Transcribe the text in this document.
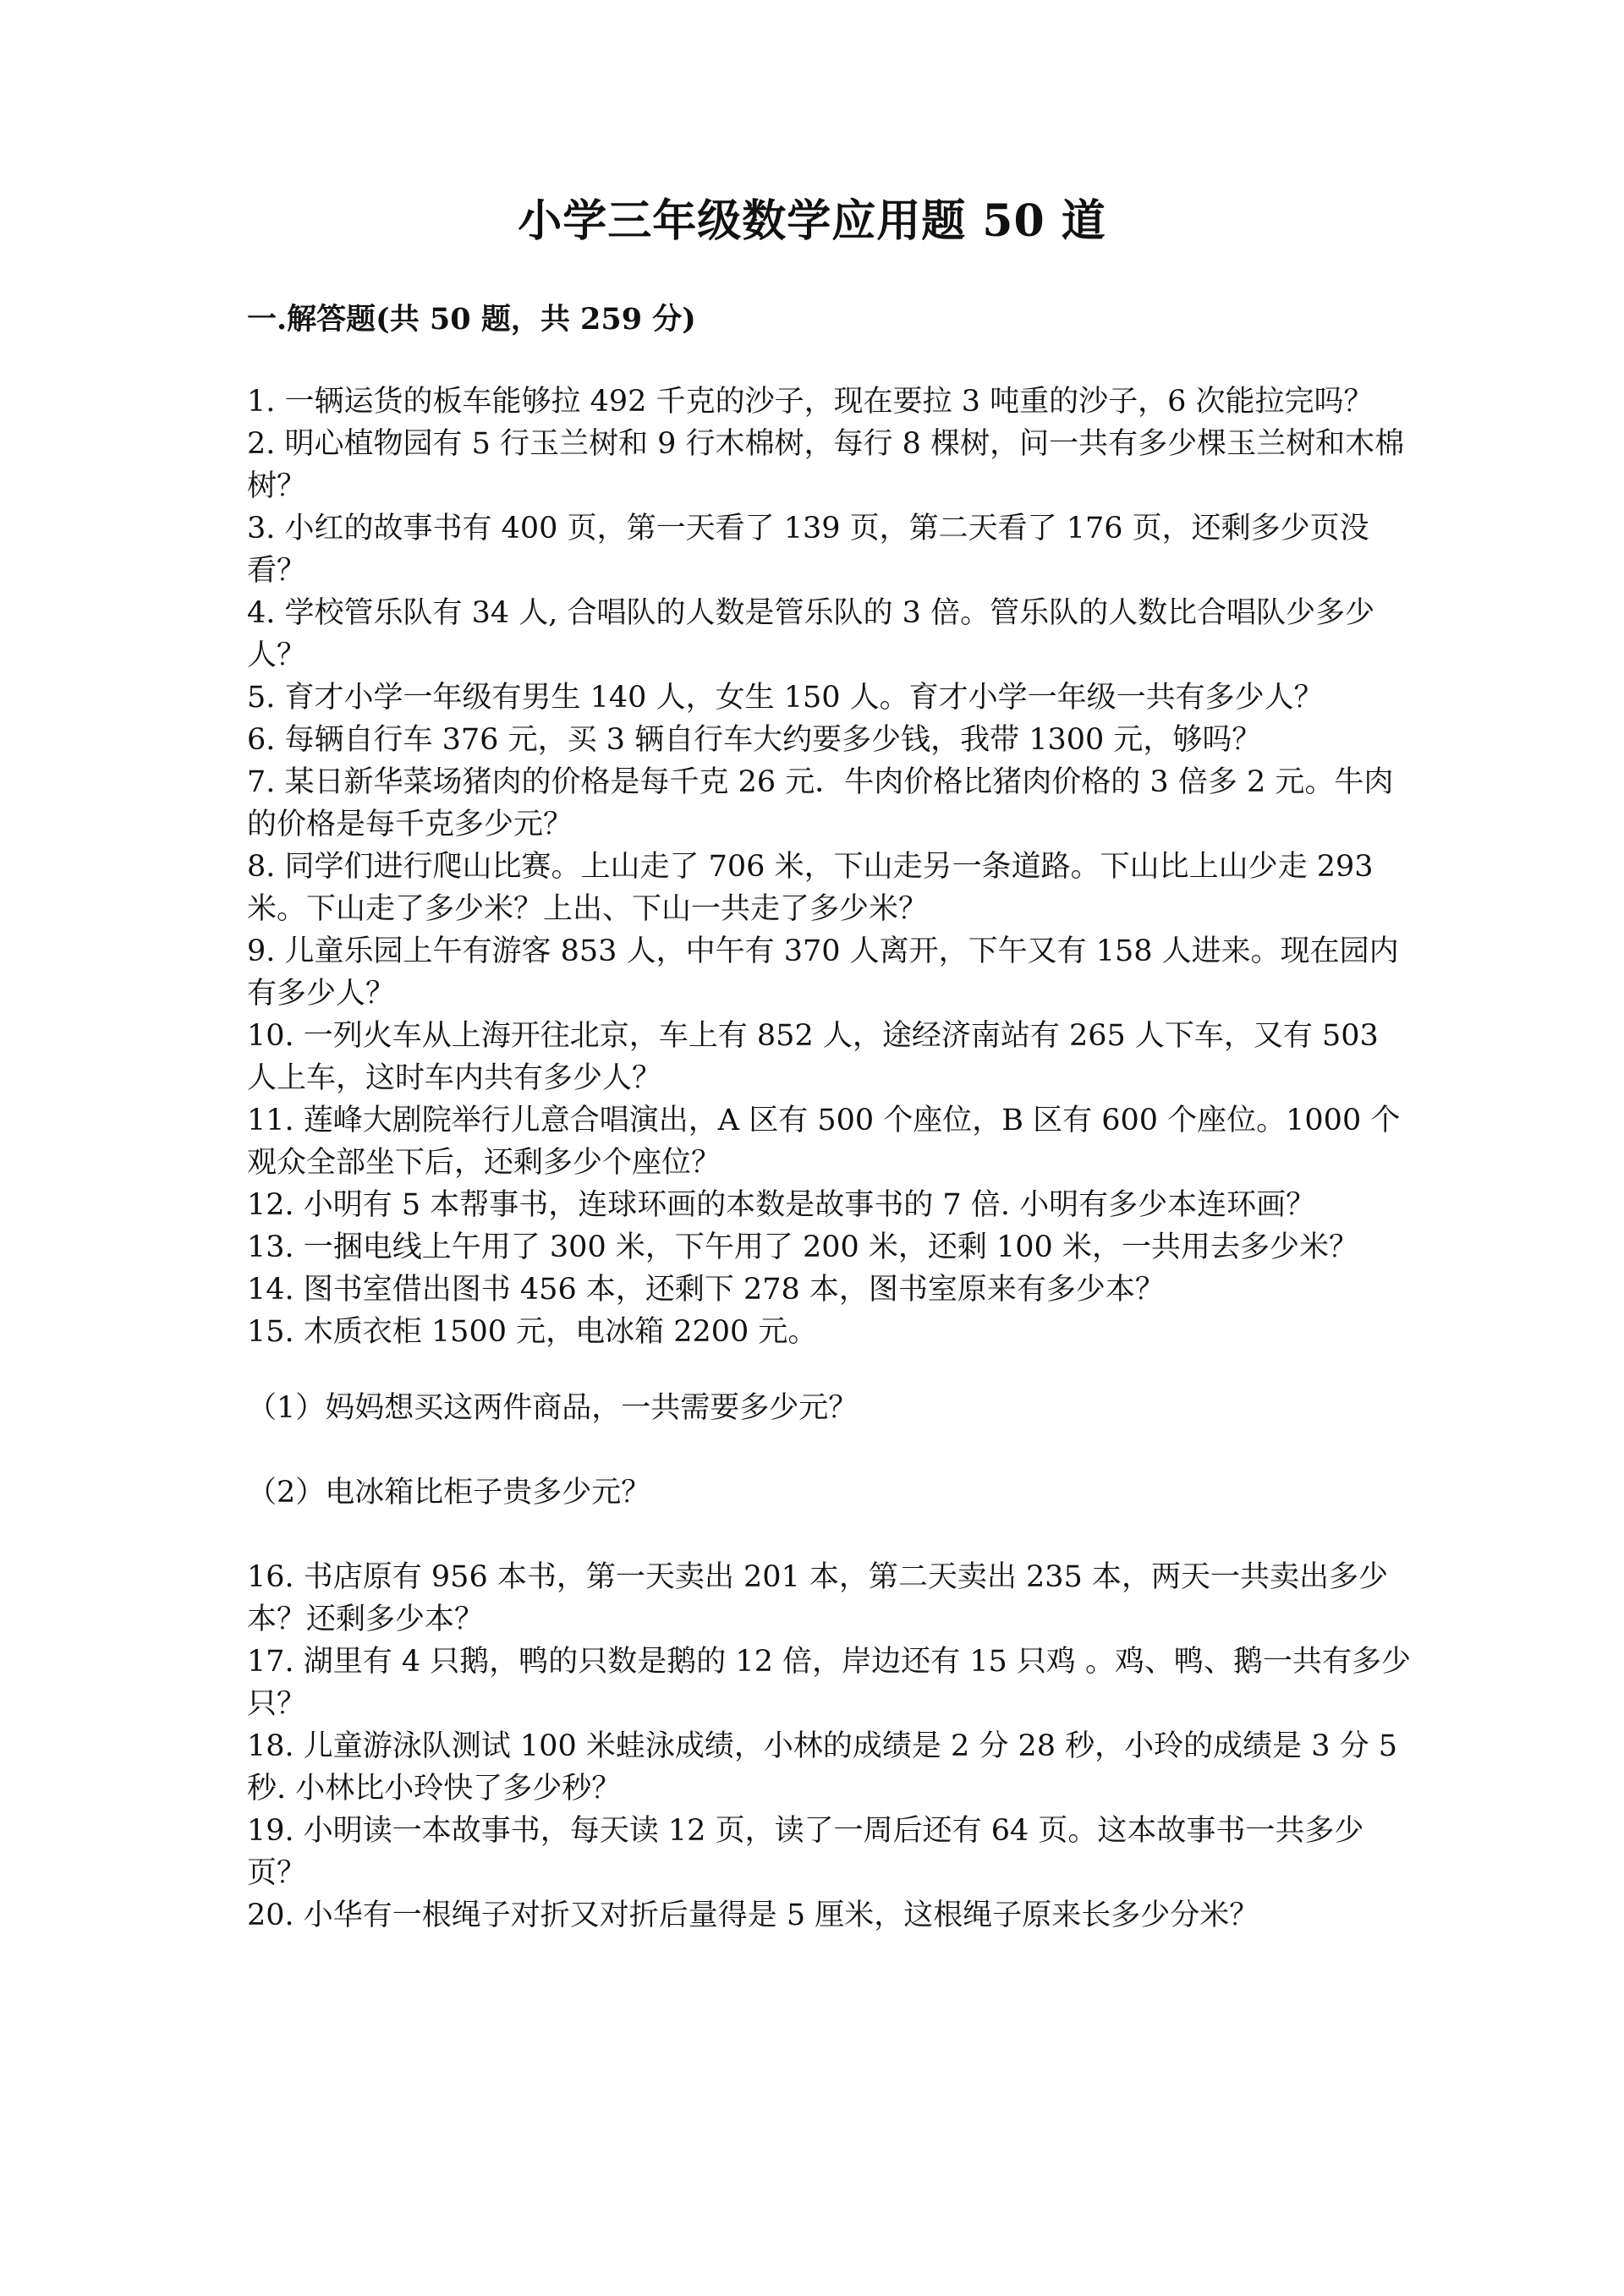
小学三年级数学应用题 50 道
一.解答题(共 50 题，共 259 分)

1. 一辆运货的板车能够拉 492 千克的沙子，现在要拉 3 吨重的沙子，6 次能拉完吗？

2. 明心植物园有 5 行玉兰树和 9 行木棉树，每行 8 棵树，问一共有多少棵玉兰树和木棉树？

3. 小红的故事书有 400 页，第一天看了 139 页，第二天看了 176 页，还剩多少页没看？

4. 学校管乐队有 34 人, 合唱队的人数是管乐队的 3 倍。管乐队的人数比合唱队少多少人？

5. 育才小学一年级有男生 140 人，女生 150 人。育才小学一年级一共有多少人？

6. 每辆自行车 376 元，买 3 辆自行车大约要多少钱，我带 1300 元，够吗？

7. 某日新华菜场猪肉的价格是每千克 26 元．牛肉价格比猪肉价格的 3 倍多 2 元。牛肉的价格是每千克多少元？

8. 同学们进行爬山比赛。上山走了 706 米，下山走另一条道路。下山比上山少走 293 米。下山走了多少米？上出、下山一共走了多少米？

9. 儿童乐园上午有游客 853 人，中午有 370 人离开，下午又有 158 人进来。现在园内有多少人？

10. 一列火车从上海开往北京，车上有 852 人，途经济南站有 265 人下车，又有 503 人上车，这时车内共有多少人？

11. 莲峰大剧院举行儿意合唱演出，A 区有 500 个座位，B 区有 600 个座位。1000 个观众全部坐下后，还剩多少个座位？

12. 小明有 5 本帮事书，连球环画的本数是故事书的 7 倍. 小明有多少本连环画？

13. 一捆电线上午用了 300 米，下午用了 200 米，还剩 100 米，一共用去多少米？

14. 图书室借出图书 456 本，还剩下 278 本，图书室原来有多少本？

15. 木质衣柜 1500 元，电冰箱 2200 元。

（1）妈妈想买这两件商品，一共需要多少元？

（2）电冰箱比柜子贵多少元？

16. 书店原有 956 本书，第一天卖出 201 本，第二天卖出 235 本，两天一共卖出多少本？还剩多少本？

17. 湖里有 4 只鹅，鸭的只数是鹅的 12 倍，岸边还有 15 只鸡 。鸡、鸭、鹅一共有多少只？

18. 儿童游泳队测试 100 米蛙泳成绩，小林的成绩是 2 分 28 秒，小玲的成绩是 3 分 5 秒. 小林比小玲快了多少秒？

19. 小明读一本故事书，每天读 12 页，读了一周后还有 64 页。这本故事书一共多少页？

20. 小华有一根绳子对折又对折后量得是 5 厘米，这根绳子原来长多少分米？
